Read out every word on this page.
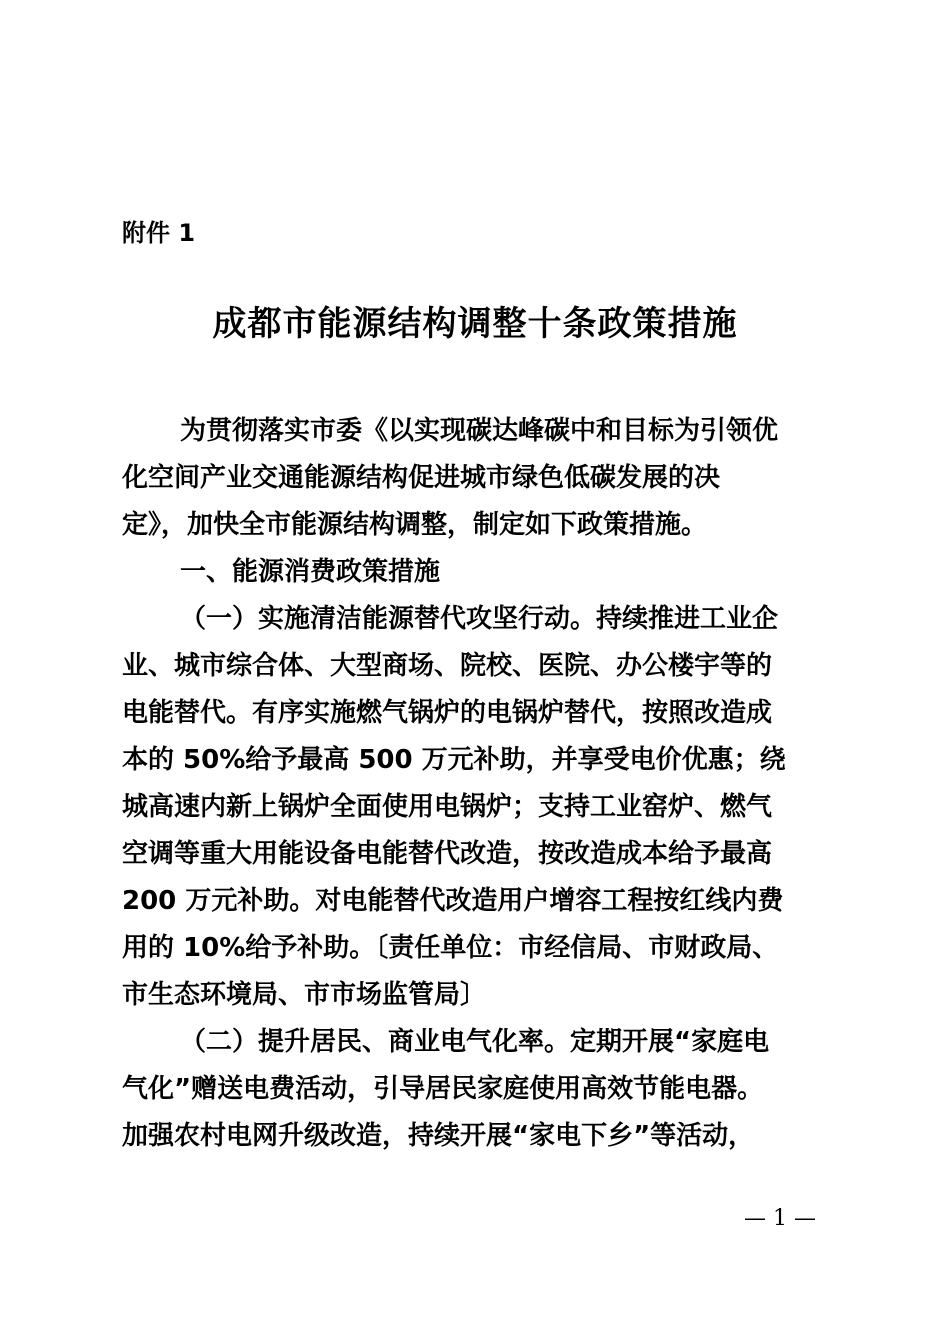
附件 1
成都市能源结构调整十条政策措施
为贯彻落实市委《以实现碳达峰碳中和目标为引领优
化空间产业交通能源结构促进城市绿色低碳发展的决
定》，加快全市能源结构调整，制定如下政策措施。
一、能源消费政策措施
（一）实施清洁能源替代攻坚行动。持续推进工业企
业、城市综合体、大型商场、院校、医院、办公楼宇等的
电能替代。有序实施燃气锅炉的电锅炉替代，按照改造成
本的 50%给予最高 500 万元补助，并享受电价优惠；绕
城高速内新上锅炉全面使用电锅炉；支持工业窑炉、燃气
空调等重大用能设备电能替代改造，按改造成本给予最高
200 万元补助。对电能替代改造用户增容工程按红线内费
用的 10%给予补助。〔责任单位：市经信局、市财政局、
市生态环境局、市市场监管局〕
（二）提升居民、商业电气化率。定期开展“家庭电
气化”赠送电费活动，引导居民家庭使用高效节能电器。
加强农村电网升级改造，持续开展“家电下乡”等活动，
— 1 —
